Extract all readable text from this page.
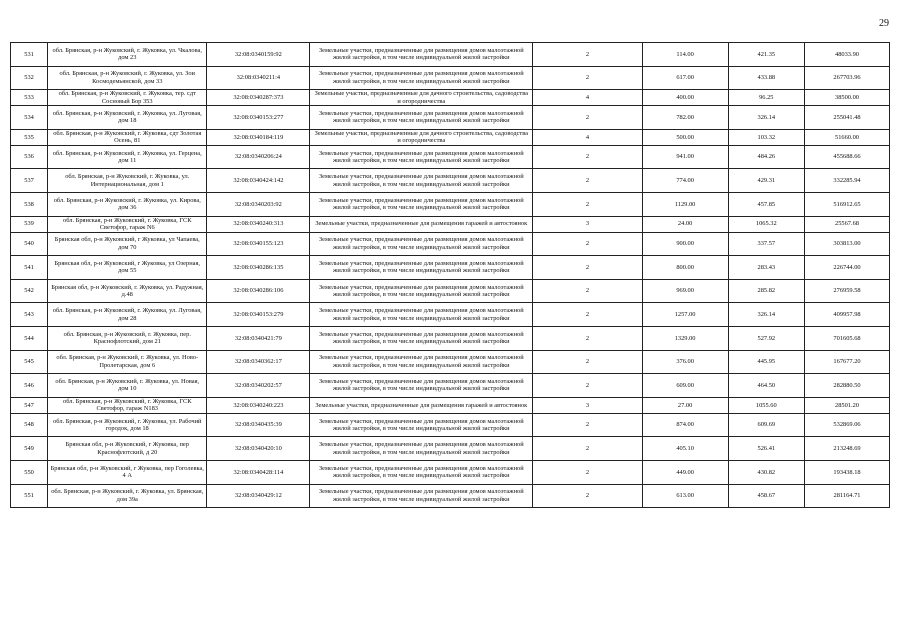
29
531	обл. Брянская, р-н Жуковский, г. Жуковка, ул. Чкалова, дом 23	32:08:0340159:92	Земельные участки, предназначенные для размещения домов малоэтажной жилой застройки, в том числе индивидуальной жилой застройки	2	114.00	421.35	48033.90
532	обл. Брянская, р-н Жуковский, г. Жуковка, ул. Зои Космодемьянской, дом 33	32:08:0340211:4	Земельные участки, предназначенные для размещения домов малоэтажной жилой застройки, в том числе индивидуальной жилой застройки	2	617.00	433.88	267703.96
533	обл. Брянская, р-н Жуковский, г. Жуковка, тер. сдт Сосновый Бор 353	32:08:0340287:373	Земельные участки, предназначенные для дачного строительства, садоводства и огородничества	4	400.00	96.25	38500.00
534	обл. Брянская, р-н Жуковский, г. Жуковка, ул. Луговая, дом 18	32:08:0340153:277	Земельные участки, предназначенные для размещения домов малоэтажной жилой застройки, в том числе индивидуальной жилой застройки	2	782.00	326.14	255041.48
535	обл. Брянская, р-н Жуковский, г. Жуковка, сдт Золотая Осень, 81	32:08:0340184:119	Земельные участки, предназначенные для дачного строительства, садоводства и огородничества	4	500.00	103.32	51660.00
536	обл. Брянская, р-н Жуковский, г. Жуковка, ул. Герцена, дом 11	32:08:0340206:24	Земельные участки, предназначенные для размещения домов малоэтажной жилой застройки, в том числе индивидуальной жилой застройки	2	941.00	484.26	455688.66
537	обл. Брянская, р-н Жуковский, г. Жуковка, ул. Интернациональная, дом 1	32:08:0340424:142	Земельные участки, предназначенные для размещения домов малоэтажной жилой застройки, в том числе индивидуальной жилой застройки	2	774.00	429.31	332285.94
538	обл. Брянская, р-н Жуковский, г. Жуковка, ул. Кирова, дом 36	32:08:0340203:92	Земельные участки, предназначенные для размещения домов малоэтажной жилой застройки, в том числе индивидуальной жилой застройки	2	1129.00	457.85	516912.65
539	обл. Брянская, р-н Жуковский, г. Жуковка, ГСК Светофор, гараж N6	32:08:0340240:313	Земельные участки, предназначенные для размещения гаражей и автостоянок	3	24.00	1065.32	25567.68
540	Брянская обл, р-н Жуковский, г Жуковка, ул Чапаева, дом 70	32:08:0340155:123	Земельные участки, предназначенные для размещения домов малоэтажной жилой застройки, в том числе индивидуальной жилой застройки	2	900.00	337.57	303813.00
541	Брянская обл, р-н Жуковский, г Жуковка, ул Озерная, дом 55	32:08:0340286:135	Земельные участки, предназначенные для размещения домов малоэтажной жилой застройки, в том числе индивидуальной жилой застройки	2	800.00	283.43	226744.00
542	Брянская обл, р-н Жуковский, г. Жуковка, ул. Радужная, д.48	32:08:0340286:106	Земельные участки, предназначенные для размещения домов малоэтажной жилой застройки, в том числе индивидуальной жилой застройки	2	969.00	285.82	276959.58
543	обл. Брянская, р-н Жуковский, г. Жуковка, ул. Луговая, дом 28	32:08:0340153:279	Земельные участки, предназначенные для размещения домов малоэтажной жилой застройки, в том числе индивидуальной жилой застройки	2	1257.00	326.14	409957.98
544	обл. Брянская, р-н Жуковский, г. Жуковка, пер. Краснофлотский, дом 21	32:08:0340421:79	Земельные участки, предназначенные для размещения домов малоэтажной жилой застройки, в том числе индивидуальной жилой застройки	2	1329.00	527.92	701605.68
545	обл. Брянская, р-н Жуковский, г. Жуковка, ул. Ново-Пролетарская, дом 6	32:08:0340362:17	Земельные участки, предназначенные для размещения домов малоэтажной жилой застройки, в том числе индивидуальной жилой застройки	2	376.00	445.95	167677.20
546	обл. Брянская, р-н Жуковский, г. Жуковка, ул. Новая, дом 10	32:08:0340202:57	Земельные участки, предназначенные для размещения домов малоэтажной жилой застройки, в том числе индивидуальной жилой застройки	2	609.00	464.50	282880.50
547	обл. Брянская, р-н Жуковский, г. Жуковка, ГСК Светофор, гараж N183	32:08:0340240:223	Земельные участки, предназначенные для размещения гаражей и автостоянок	3	27.00	1055.60	28501.20
548	обл. Брянская, р-н Жуковский, г. Жуковка, ул. Рабочий городок, дом 18	32:08:0340435:39	Земельные участки, предназначенные для размещения домов малоэтажной жилой застройки, в том числе индивидуальной жилой застройки	2	874.00	609.69	532869.06
549	Брянская обл, р-н Жуковский, г Жуковка, пер Краснофлотский, д 20	32:08:0340420:10	Земельные участки, предназначенные для размещения домов малоэтажной жилой застройки, в том числе индивидуальной жилой застройки	2	405.10	526.41	213248.69
550	Брянская обл, р-н Жуковский, г Жуковка, пер Гоголевка, 4 А	32:08:0340428:114	Земельные участки, предназначенные для размещения домов малоэтажной жилой застройки, в том числе индивидуальной жилой застройки	2	449.00	430.82	193438.18
551	обл. Брянская, р-н Жуковский, г. Жуковка, ул. Брянская, дом 39а	32:08:0340429:12	Земельные участки, предназначенные для размещения домов малоэтажной жилой застройки, в том числе индивидуальной жилой застройки	2	613.00	458.67	281164.71
